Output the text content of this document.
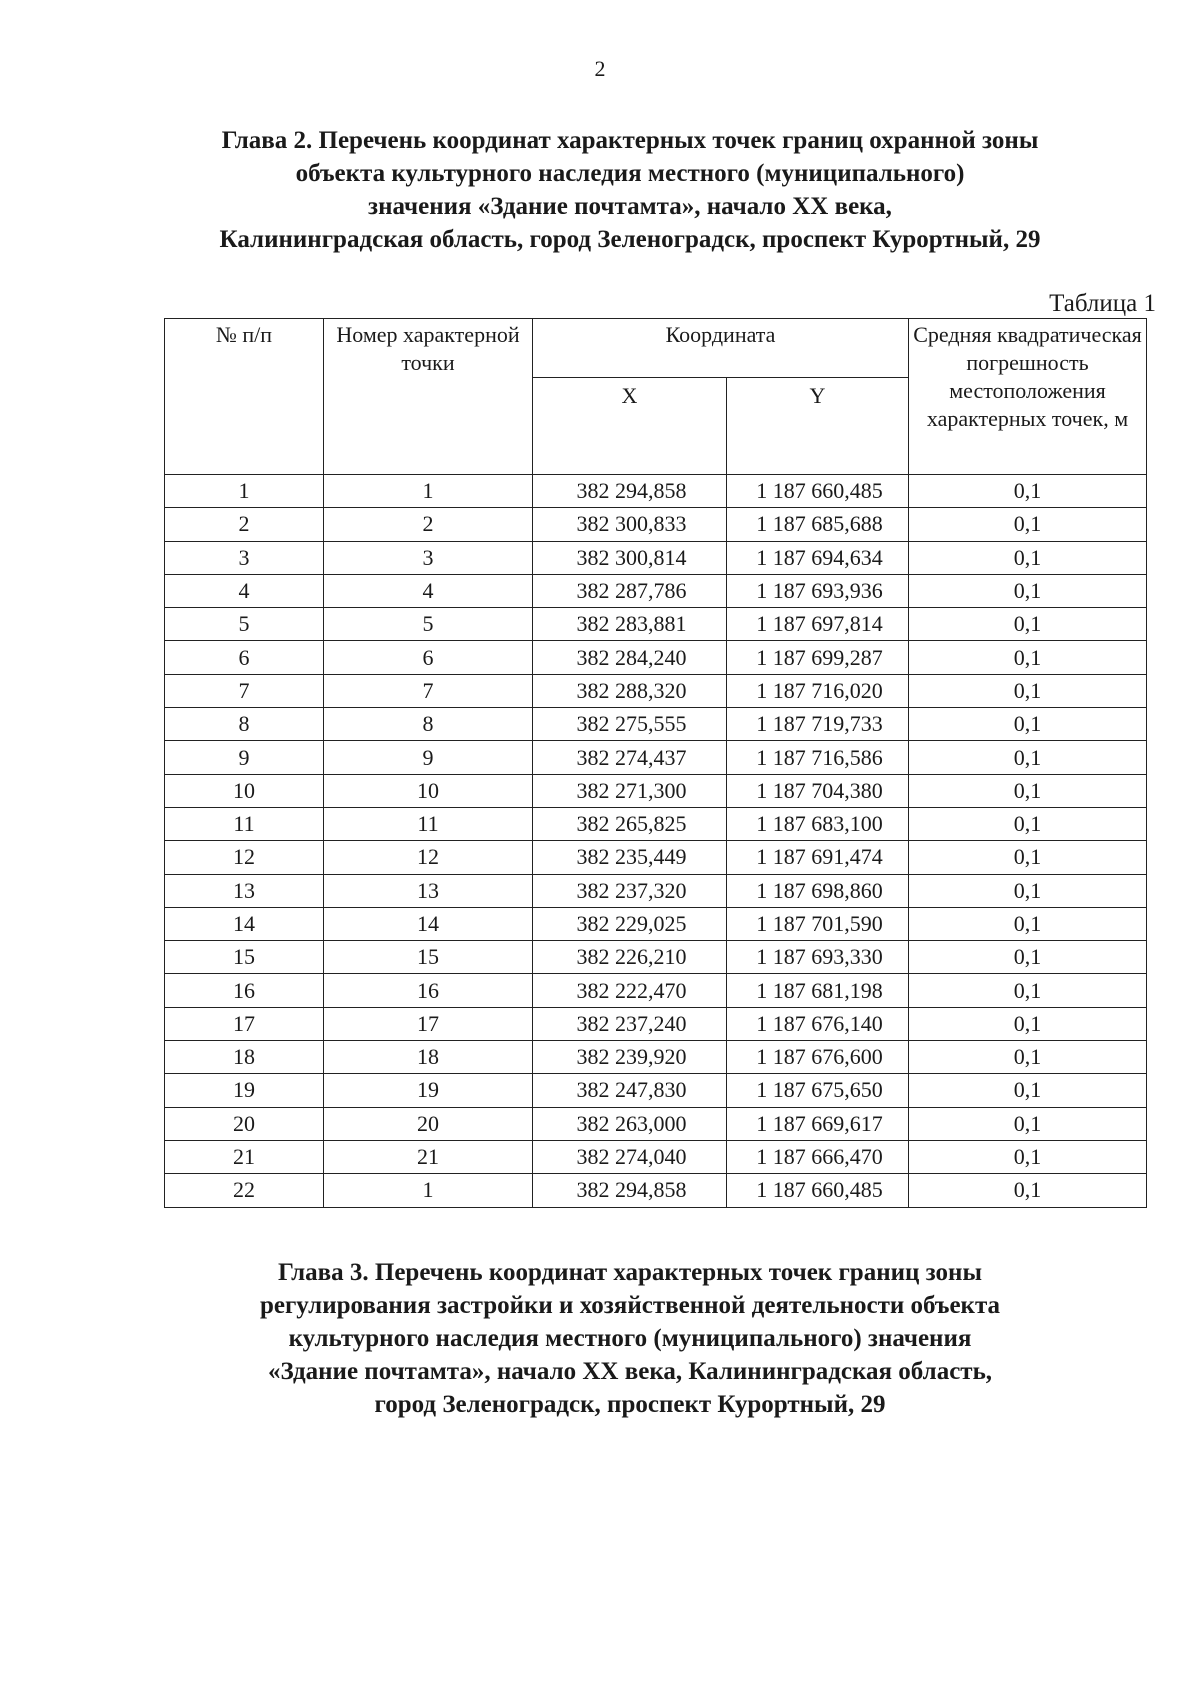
2
Глава 2. Перечень координат характерных точек границ охранной зоны
объекта культурного наследия местного (муниципального)
значения «Здание почтамта», начало XX века,
Калининградская область, город Зеленоградск, проспект Курортный, 29
Таблица 1
№ п/п	Номер характерной точки	Координата		Средняя квадратическая погрешность местоположения характерных точек, м
		X	Y	
1	1	382 294,858	1 187 660,485	0,1
2	2	382 300,833	1 187 685,688	0,1
3	3	382 300,814	1 187 694,634	0,1
4	4	382 287,786	1 187 693,936	0,1
5	5	382 283,881	1 187 697,814	0,1
6	6	382 284,240	1 187 699,287	0,1
7	7	382 288,320	1 187 716,020	0,1
8	8	382 275,555	1 187 719,733	0,1
9	9	382 274,437	1 187 716,586	0,1
10	10	382 271,300	1 187 704,380	0,1
11	11	382 265,825	1 187 683,100	0,1
12	12	382 235,449	1 187 691,474	0,1
13	13	382 237,320	1 187 698,860	0,1
14	14	382 229,025	1 187 701,590	0,1
15	15	382 226,210	1 187 693,330	0,1
16	16	382 222,470	1 187 681,198	0,1
17	17	382 237,240	1 187 676,140	0,1
18	18	382 239,920	1 187 676,600	0,1
19	19	382 247,830	1 187 675,650	0,1
20	20	382 263,000	1 187 669,617	0,1
21	21	382 274,040	1 187 666,470	0,1
22	1	382 294,858	1 187 660,485	0,1
Глава 3. Перечень координат характерных точек границ зоны
регулирования застройки и хозяйственной деятельности объекта
культурного наследия местного (муниципального) значения
«Здание почтамта», начало XX века, Калининградская область,
город Зеленоградск, проспект Курортный, 29
